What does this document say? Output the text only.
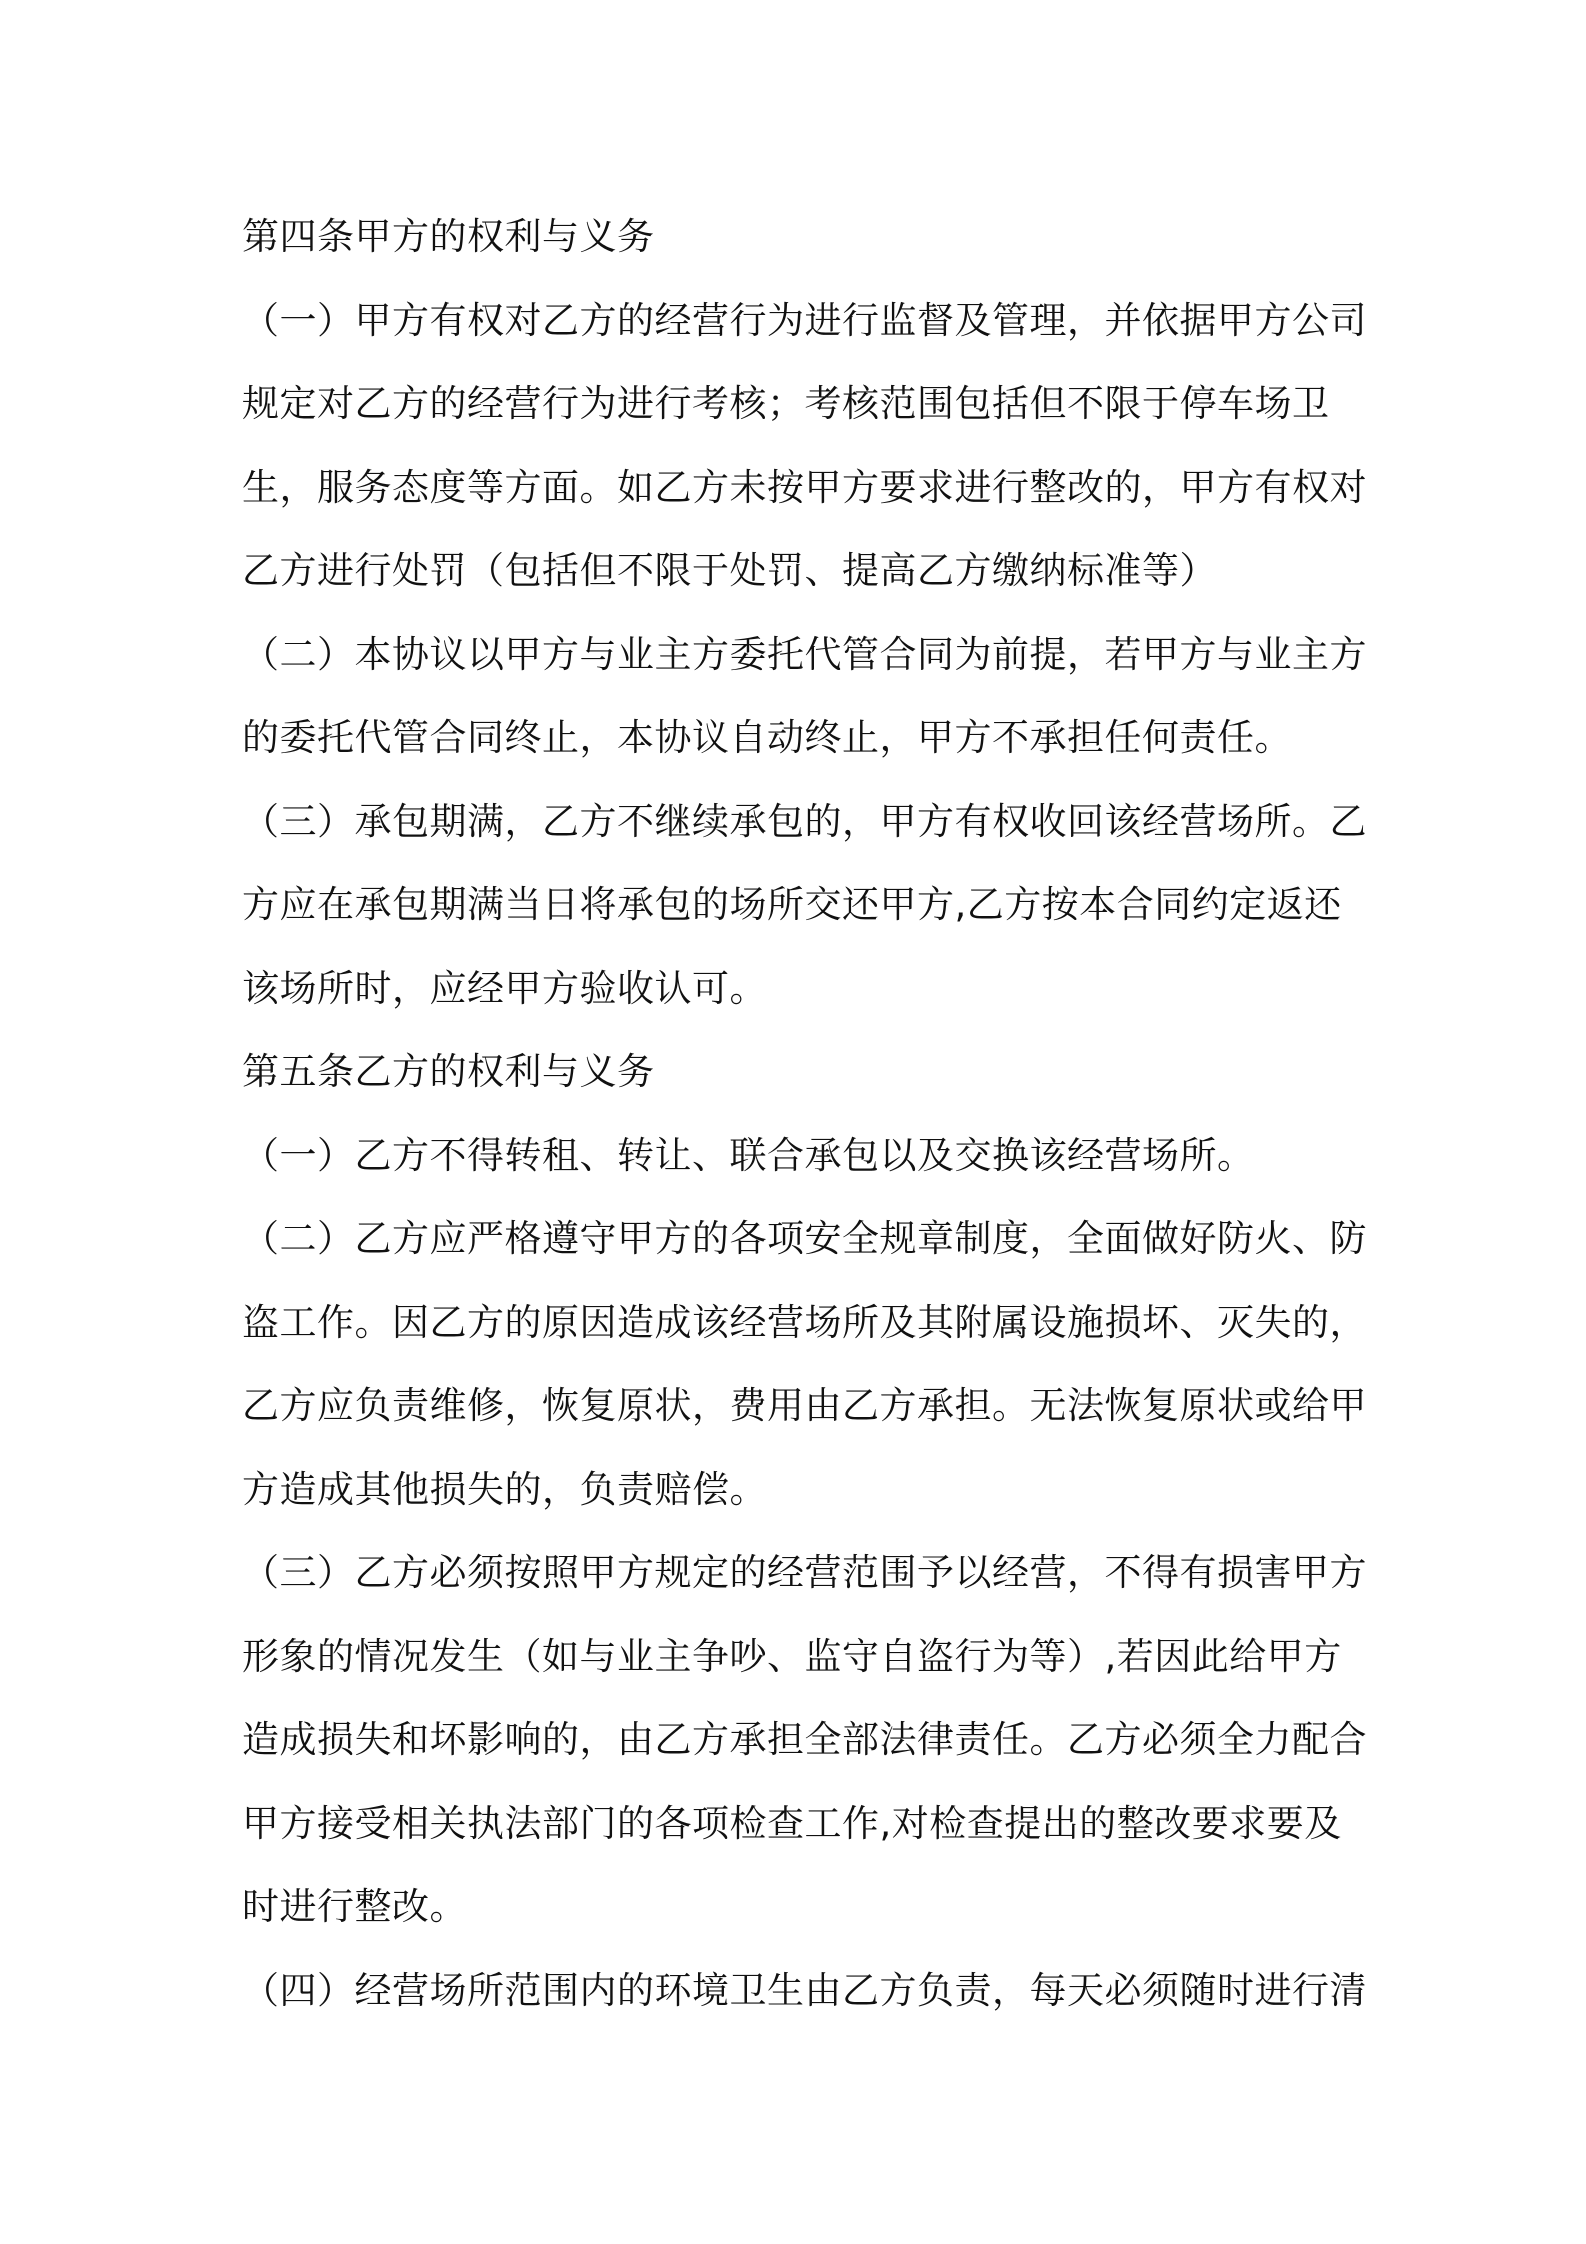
第四条甲方的权利与义务
（一）甲方有权对乙方的经营行为进行监督及管理，并依据甲方公司
规定对乙方的经营行为进行考核；考核范围包括但不限于停车场卫
生，服务态度等方面。如乙方未按甲方要求进行整改的，甲方有权对
乙方进行处罚（包括但不限于处罚、提高乙方缴纳标准等）
（二）本协议以甲方与业主方委托代管合同为前提，若甲方与业主方
的委托代管合同终止，本协议自动终止，甲方不承担任何责任。
（三）承包期满，乙方不继续承包的，甲方有权收回该经营场所。乙
方应在承包期满当日将承包的场所交还甲方,乙方按本合同约定返还
该场所时，应经甲方验收认可。
第五条乙方的权利与义务
（一）乙方不得转租、转让、联合承包以及交换该经营场所。
（二）乙方应严格遵守甲方的各项安全规章制度，全面做好防火、防
盗工作。因乙方的原因造成该经营场所及其附属设施损坏、灭失的，
乙方应负责维修，恢复原状，费用由乙方承担。无法恢复原状或给甲
方造成其他损失的，负责赔偿。
（三）乙方必须按照甲方规定的经营范围予以经营，不得有损害甲方
形象的情况发生（如与业主争吵、监守自盗行为等）,若因此给甲方
造成损失和坏影响的，由乙方承担全部法律责任。乙方必须全力配合
甲方接受相关执法部门的各项检查工作,对检查提出的整改要求要及
时进行整改。
（四）经营场所范围内的环境卫生由乙方负责，每天必须随时进行清
